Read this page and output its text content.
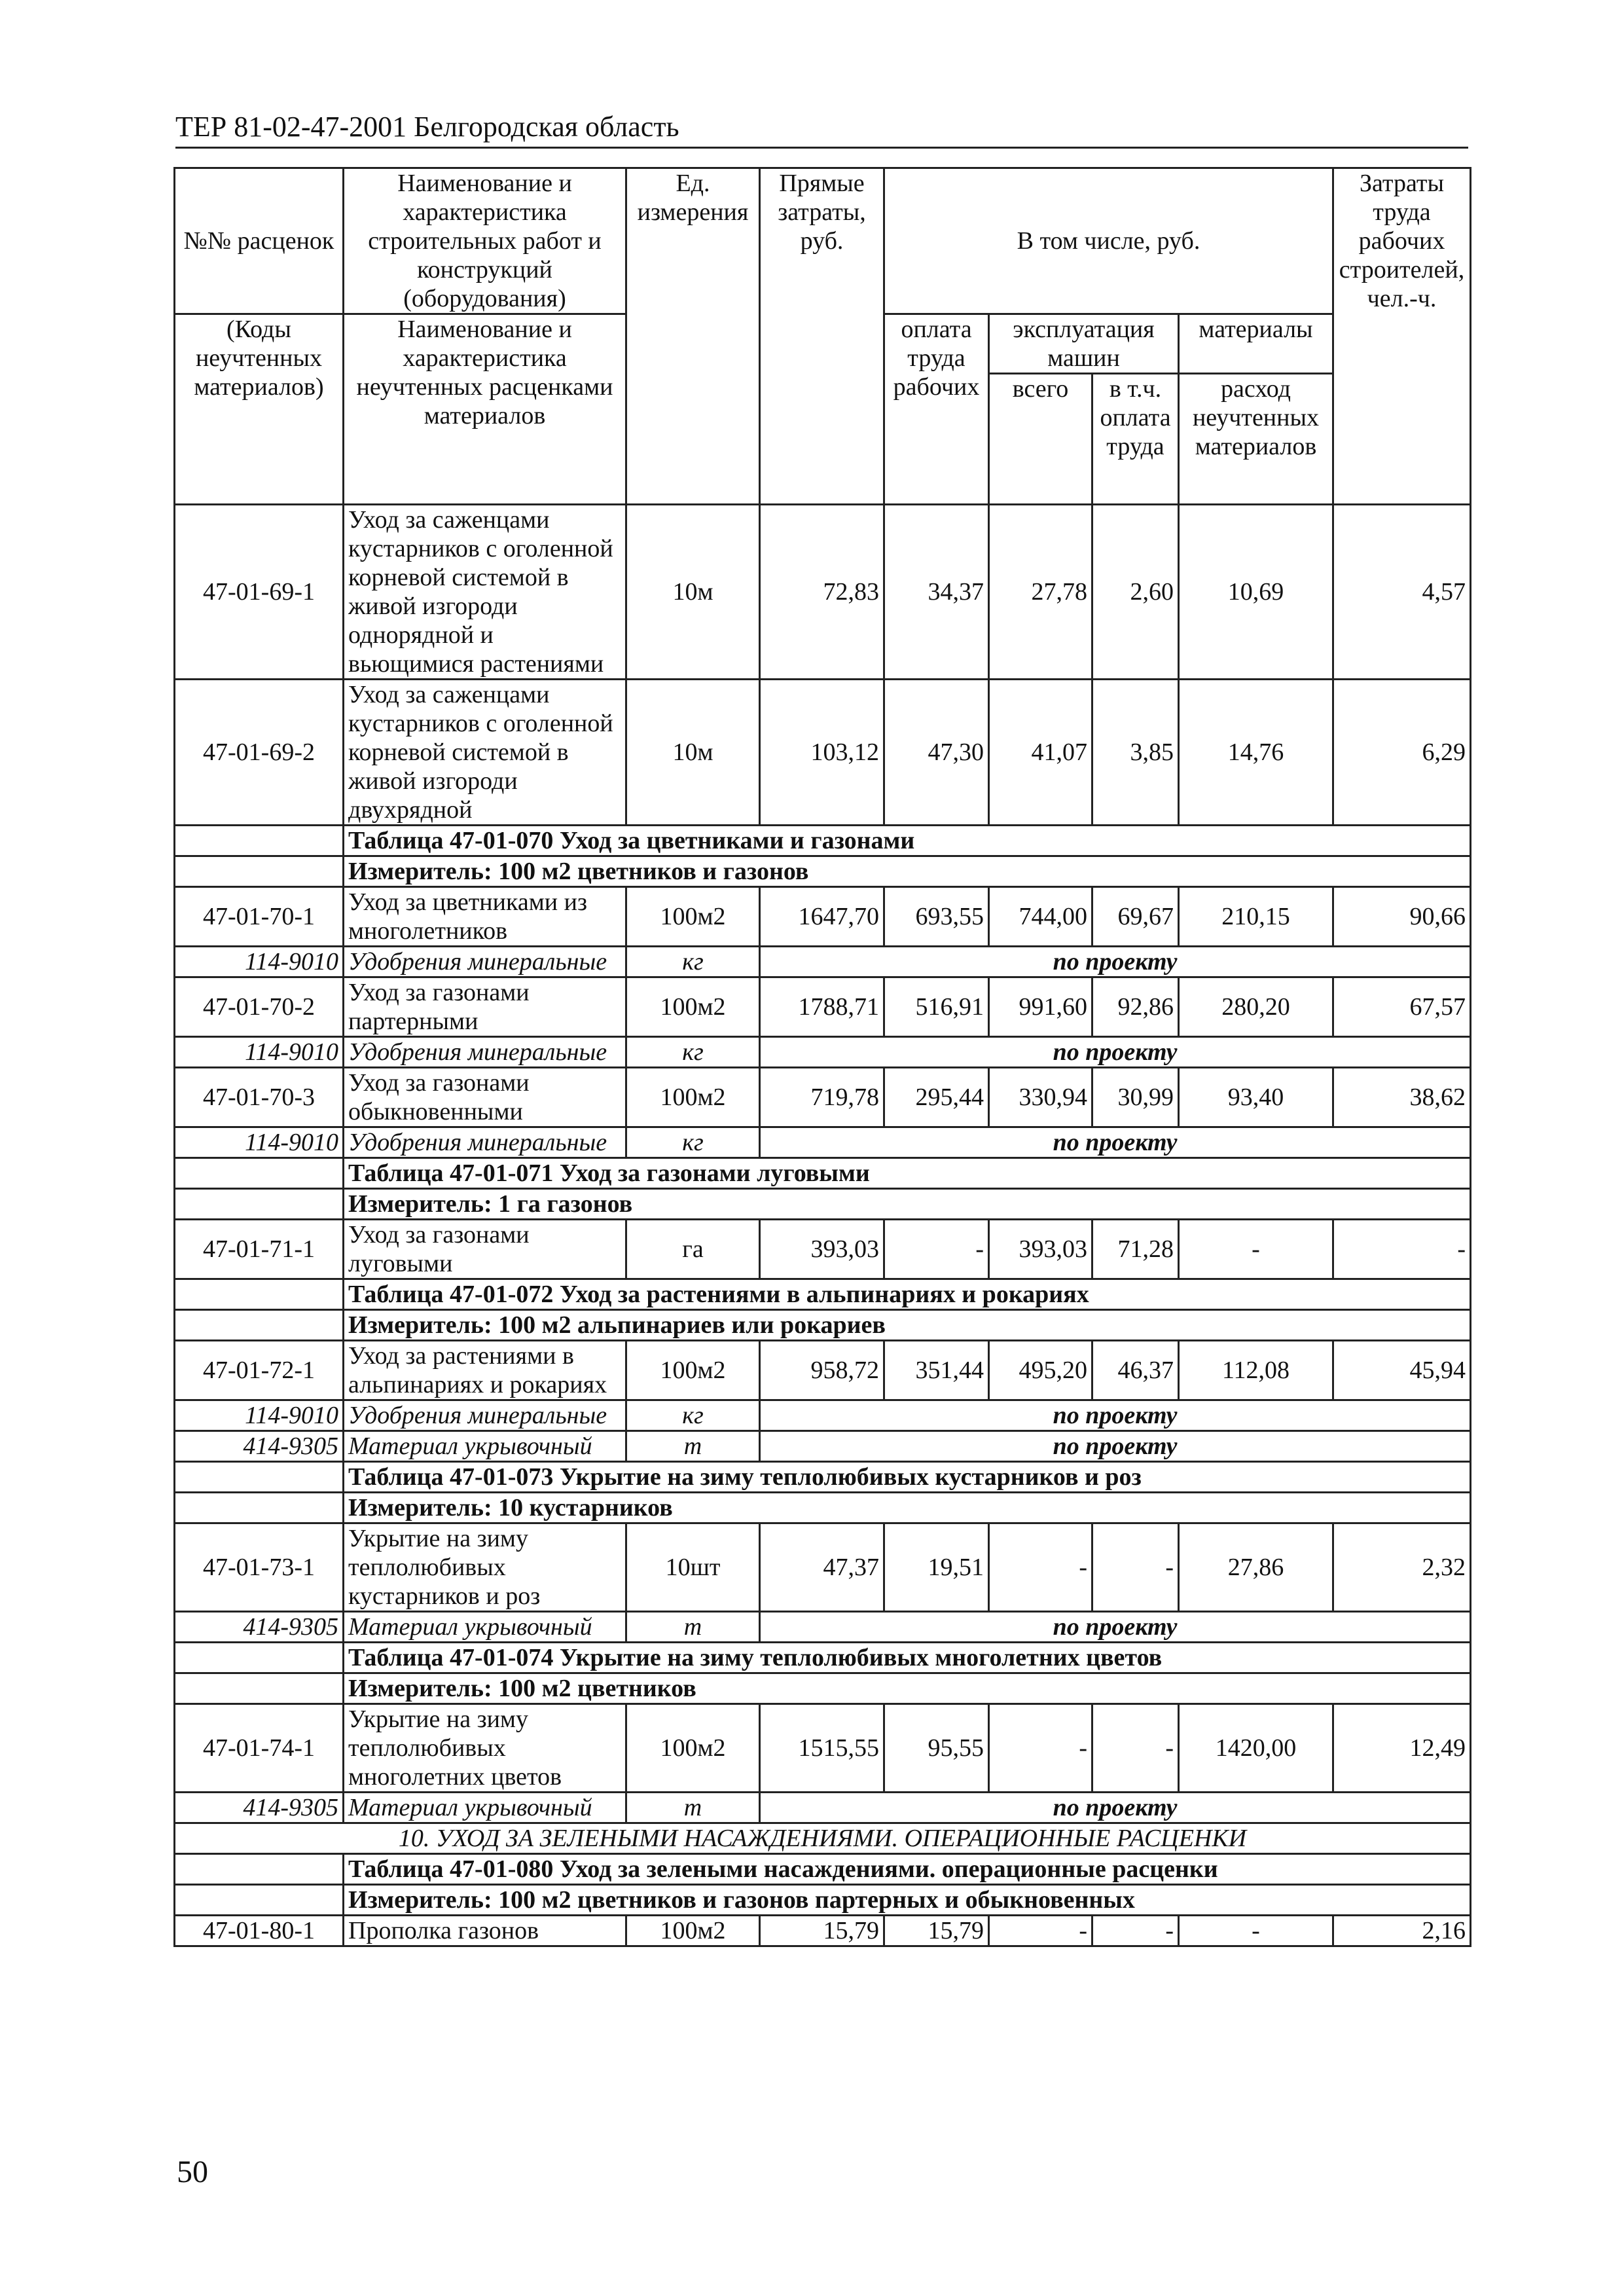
ТЕР 81-02-47-2001 Белгородская область
№№ расценок	Наименование и характеристика строительных работ и конструкций (оборудования)	Ед. измерения	Прямые затраты, руб.	В том числе, руб.				Затраты труда рабочих строителей, чел.-ч.
(Коды неучтенных материалов)	Наименование и характеристика неучтенных расценками материалов			оплата труда рабочих	эксплуатация машин		материалы	
					всего	в т.ч. оплата труда	расход неучтенных материалов	
47-01-69-1	Уход за саженцами кустарников с оголенной корневой системой в живой изгороди однорядной и вьющимися растениями	10м	72,83	34,37	27,78	2,60	10,69	4,57
47-01-69-2	Уход за саженцами кустарников с оголенной корневой системой в живой изгороди двухрядной	10м	103,12	47,30	41,07	3,85	14,76	6,29
	Таблица 47-01-070 Уход за цветниками и газонами							
	Измеритель: 100 м2 цветников и газонов							
47-01-70-1	Уход за цветниками из многолетников	100м2	1647,70	693,55	744,00	69,67	210,15	90,66
114-9010	Удобрения минеральные	кг	по проекту					
47-01-70-2	Уход за газонами партерными	100м2	1788,71	516,91	991,60	92,86	280,20	67,57
114-9010	Удобрения минеральные	кг	по проекту					
47-01-70-3	Уход за газонами обыкновенными	100м2	719,78	295,44	330,94	30,99	93,40	38,62
114-9010	Удобрения минеральные	кг	по проекту					
	Таблица 47-01-071 Уход за газонами луговыми							
	Измеритель: 1 га газонов							
47-01-71-1	Уход за газонами луговыми	га	393,03	-	393,03	71,28	-	-
	Таблица 47-01-072 Уход за растениями в альпинариях и рокариях							
	Измеритель: 100 м2 альпинариев или рокариев							
47-01-72-1	Уход за растениями в альпинариях и рокариях	100м2	958,72	351,44	495,20	46,37	112,08	45,94
114-9010	Удобрения минеральные	кг	по проекту					
414-9305	Материал укрывочный	т	по проекту					
	Таблица 47-01-073 Укрытие на зиму теплолюбивых кустарников и роз							
	Измеритель: 10 кустарников							
47-01-73-1	Укрытие на зиму теплолюбивых кустарников и роз	10шт	47,37	19,51	-	-	27,86	2,32
414-9305	Материал укрывочный	т	по проекту					
	Таблица 47-01-074 Укрытие на зиму теплолюбивых многолетних цветов							
	Измеритель: 100 м2 цветников							
47-01-74-1	Укрытие на зиму теплолюбивых многолетних цветов	100м2	1515,55	95,55	-	-	1420,00	12,49
414-9305	Материал укрывочный	т	по проекту					
10. УХОД ЗА ЗЕЛЕНЫМИ НАСАЖДЕНИЯМИ. ОПЕРАЦИОННЫЕ РАСЦЕНКИ								
	Таблица 47-01-080 Уход за зелеными насаждениями. операционные расценки							
	Измеритель: 100 м2 цветников и газонов партерных и обыкновенных							
47-01-80-1	Прополка газонов	100м2	15,79	15,79	-	-	-	2,16
50
